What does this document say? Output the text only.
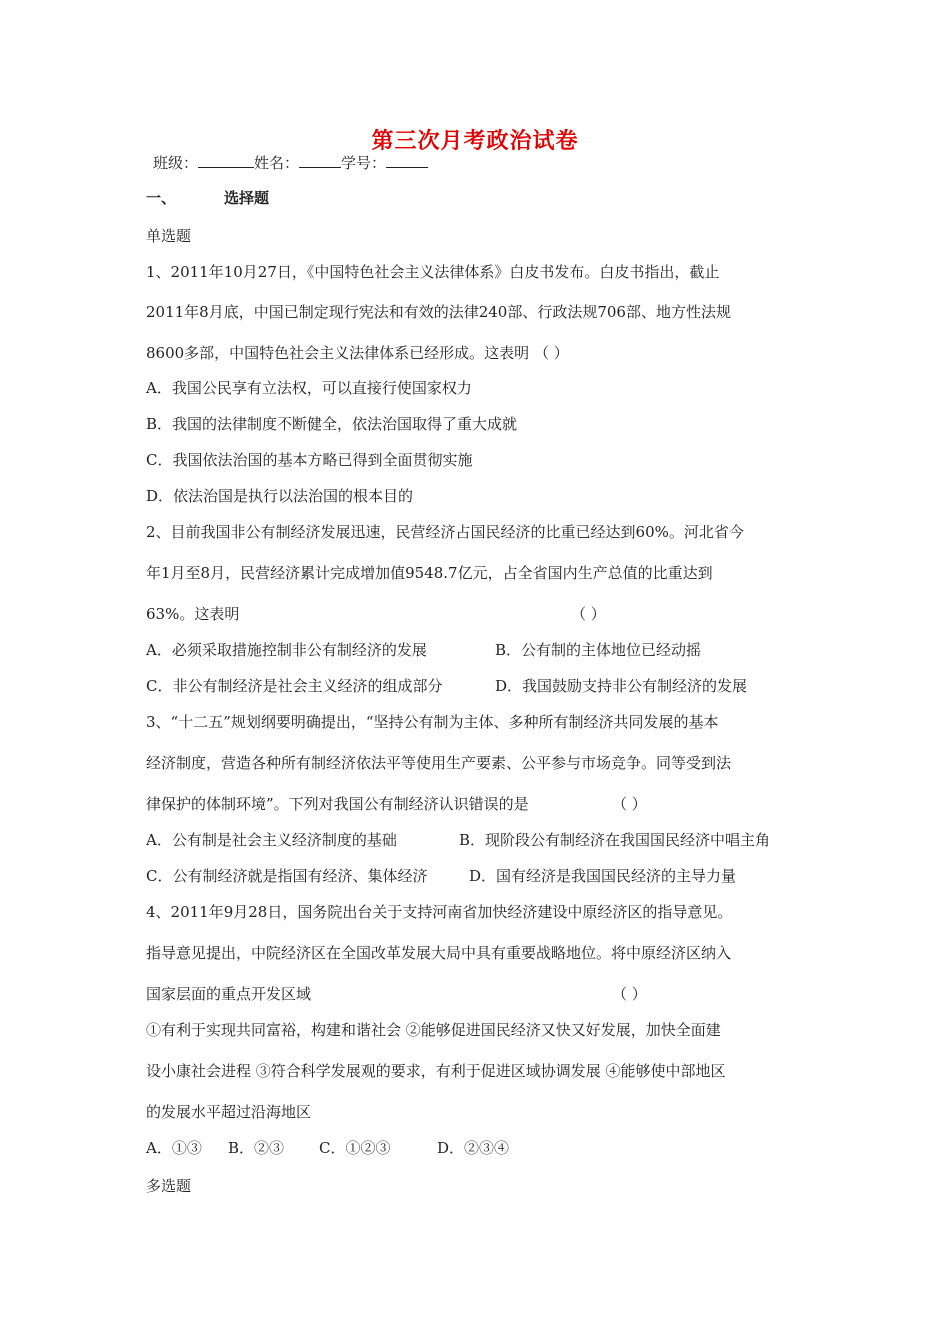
第三次月考政治试卷
班级：	姓名：	学号：
一、	选择题
单选题
1、2011年10月27日，《中国特色社会主义法律体系》白皮书发布。白皮书指出，截止
2011年8月底，中国已制定现行宪法和有效的法律240部、行政法规706部、地方性法规
8600多部，中国特色社会主义法律体系已经形成。这表明 （ ）
A．我国公民享有立法权，可以直接行使国家权力
B．我国的法律制度不断健全，依法治国取得了重大成就
C．我国依法治国的基本方略已得到全面贯彻实施
D．依法治国是执行以法治国的根本目的
2、目前我国非公有制经济发展迅速，民营经济占国民经济的比重已经达到60%。河北省今
年1月至8月，民营经济累计完成增加值9548.7亿元，占全省国内生产总值的比重达到
63%。这表明	（ ）
A．必须采取措施控制非公有制经济的发展	B．公有制的主体地位已经动摇
C．非公有制经济是社会主义经济的组成部分	D．我国鼓励支持非公有制经济的发展
3、“十二五”规划纲要明确提出，“坚持公有制为主体、多种所有制经济共同发展的基本
经济制度，营造各种所有制经济依法平等使用生产要素、公平参与市场竞争。同等受到法
律保护的体制环境”。下列对我国公有制经济认识错误的是	（ ）
A．公有制是社会主义经济制度的基础	B．现阶段公有制经济在我国国民经济中唱主角
C．公有制经济就是指国有经济、集体经济	D．国有经济是我国国民经济的主导力量
4、2011年9月28日，国务院出台关于支持河南省加快经济建设中原经济区的指导意见。
指导意见提出，中院经济区在全国改革发展大局中具有重要战略地位。将中原经济区纳入
国家层面的重点开发区域	（ ）
①有利于实现共同富裕，构建和谐社会 ②能够促进国民经济又快又好发展，加快全面建
设小康社会进程 ③符合科学发展观的要求，有利于促进区域协调发展 ④能够使中部地区
的发展水平超过沿海地区
A．①③ B．②③ C．①②③	D．②③④
多选题
